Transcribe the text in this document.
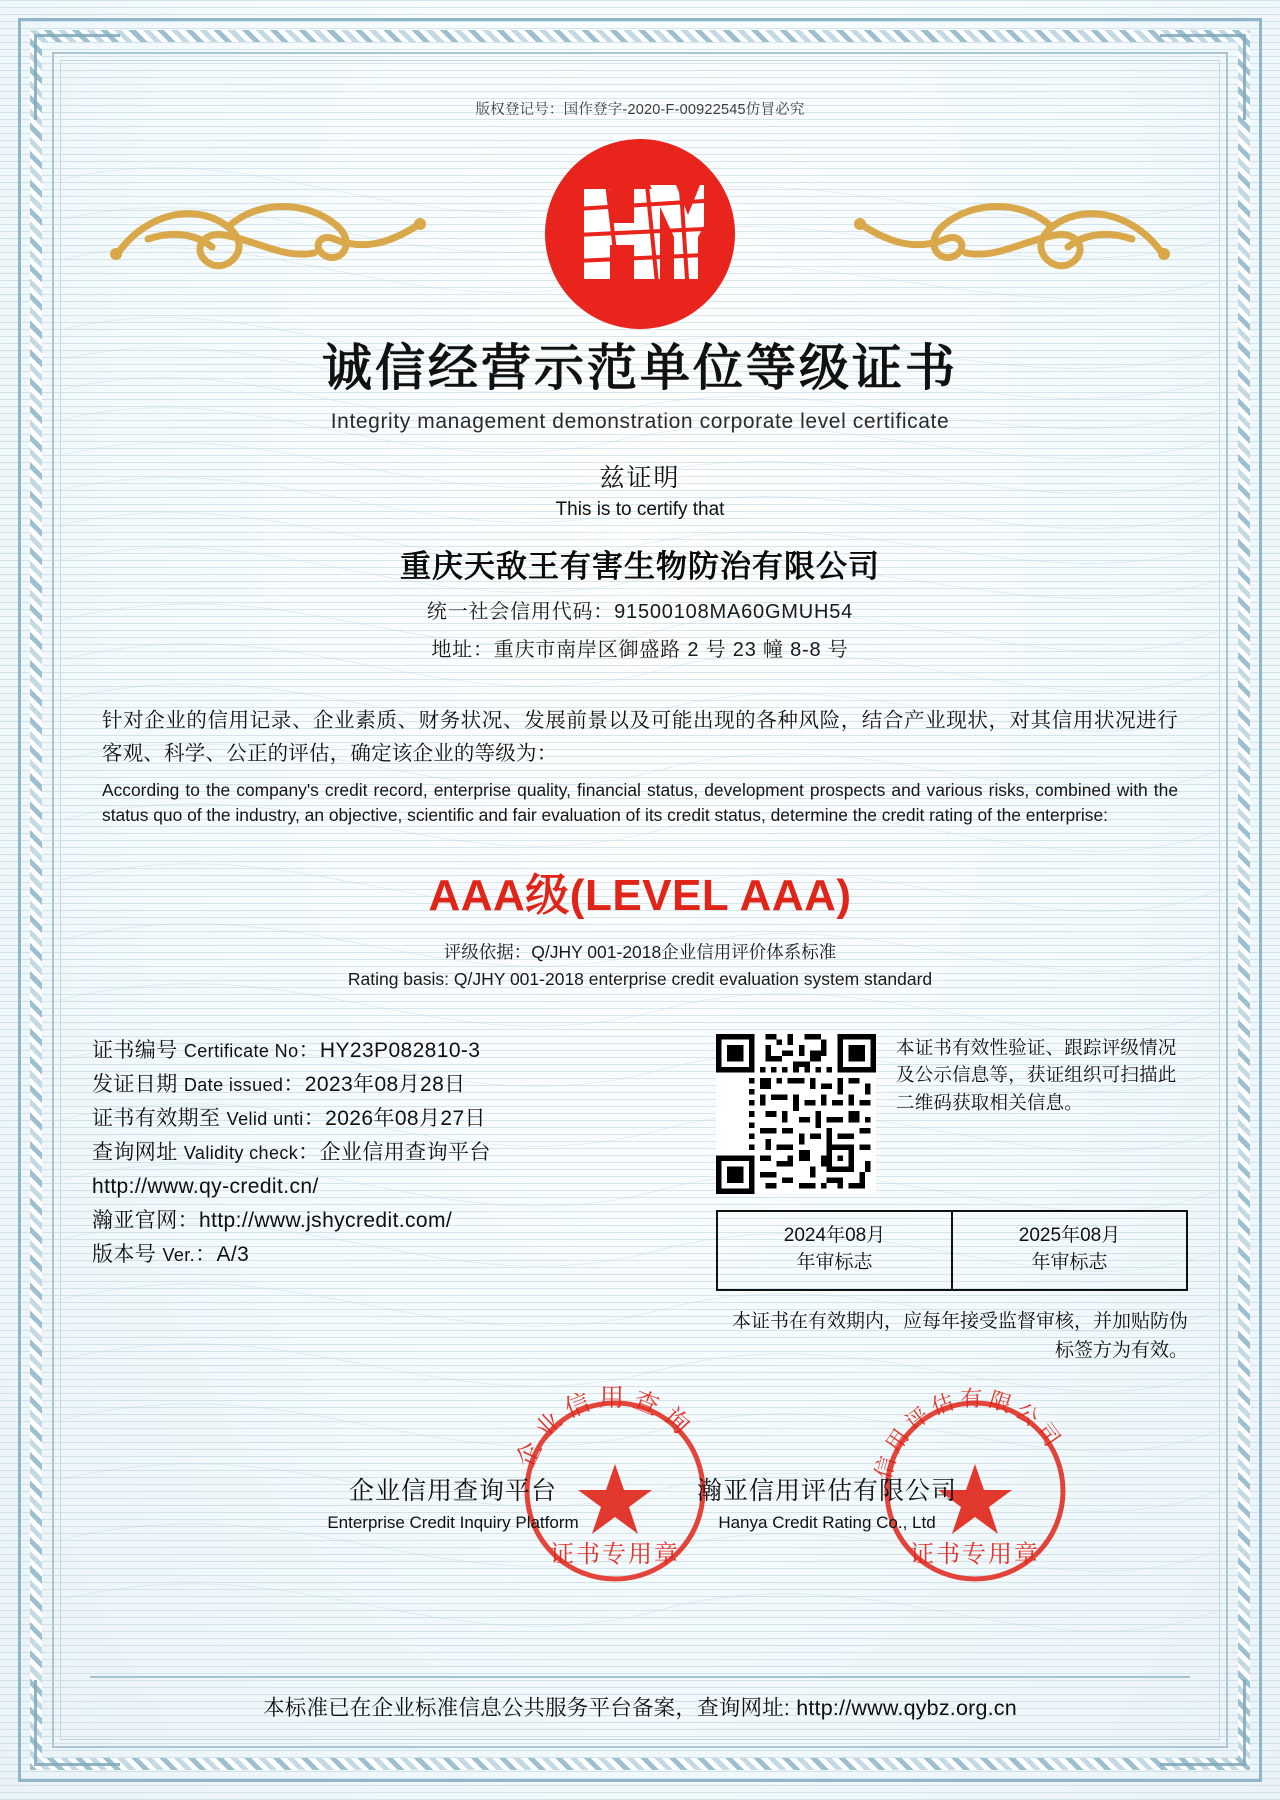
版权登记号：国作登字-2020-F-00922545仿冒必究
诚信经营示范单位等级证书
Integrity management demonstration corporate level certificate
兹证明
This is to certify that
重庆天敌王有害生物防治有限公司
统一社会信用代码：91500108MA60GMUH54
地址：重庆市南岸区御盛路 2 号 23 幢 8-8 号
针对企业的信用记录、企业素质、财务状况、发展前景以及可能出现的各种风险，结合产业现状，对其信用状况进行客观、科学、公正的评估，确定该企业的等级为：
According to the company's credit record, enterprise quality, financial status, development prospects and various risks, combined with the status quo of the industry, an objective, scientific and fair evaluation of its credit status, determine the credit rating of the enterprise:
AAA级(LEVEL AAA)
评级依据：Q/JHY 001-2018企业信用评价体系标准
Rating basis: Q/JHY 001-2018 enterprise credit evaluation system standard
证书编号 Certificate No：HY23P082810-3
发证日期 Date issued：2023年08月28日
证书有效期至 Velid unti：2026年08月27日
查询网址 Validity check：企业信用查询平台
http://www.qy-credit.cn/
瀚亚官网：http://www.jshycredit.com/
版本号 Ver.：A/3
本证书有效性验证、跟踪评级情况及公示信息等，获证组织可扫描此二维码获取相关信息。
2024年08月
年审标志
2025年08月
年审标志
本证书在有效期内，应每年接受监督审核，并加贴防伪标签方为有效。
企业信用查询
证书专用章
信用评估有限公司
证书专用章
企业信用查询平台
Enterprise Credit Inquiry Platform
瀚亚信用评估有限公司
Hanya Credit Rating Co., Ltd
本标准已在企业标准信息公共服务平台备案，查询网址: http://www.qybz.org.cn
